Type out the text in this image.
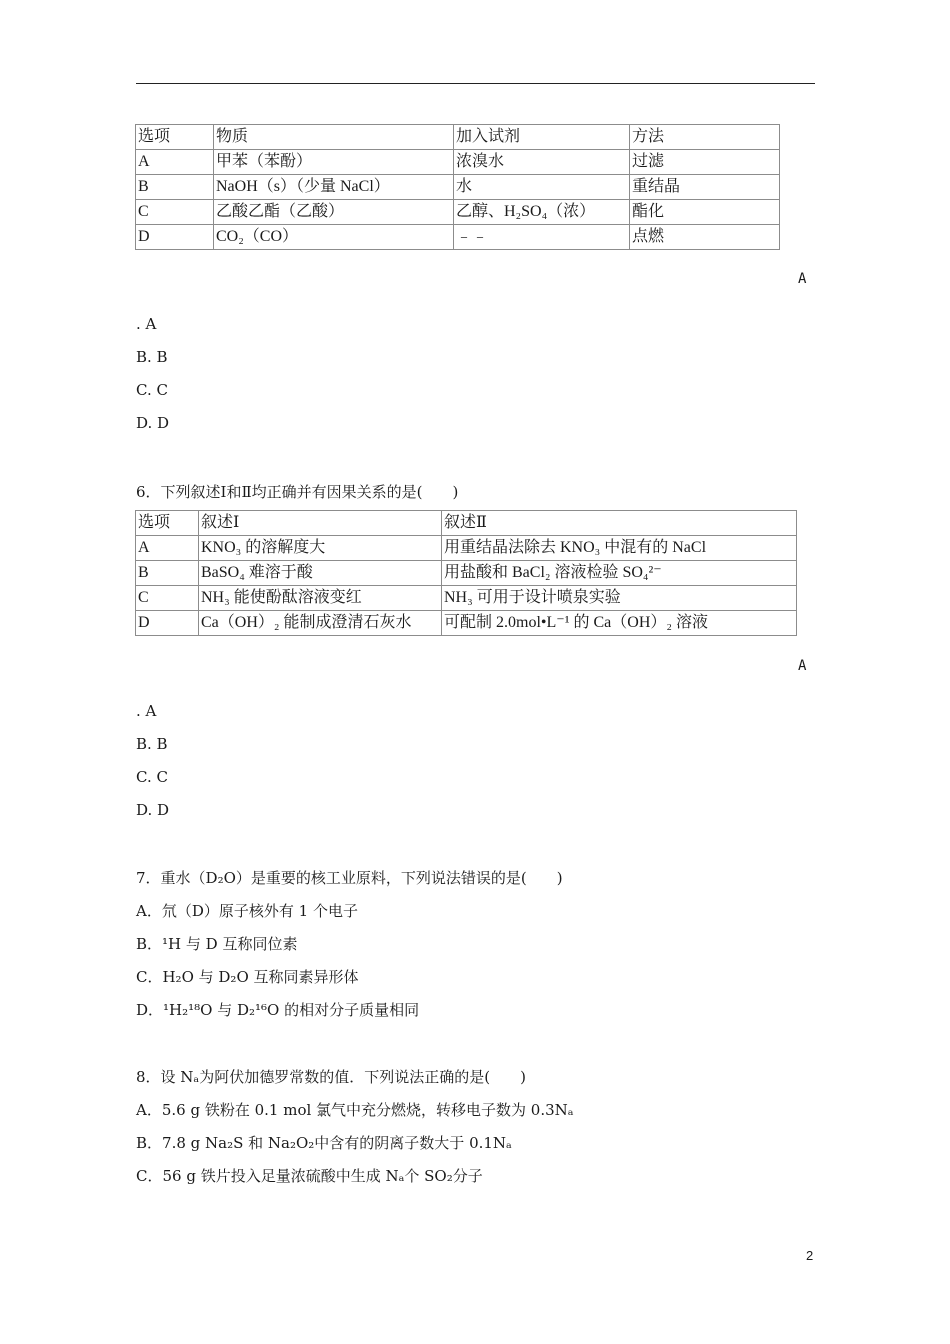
选项	物质	加入试剂	方法
A	甲苯（苯酚）	浓溴水	过滤
B	NaOH（s）（少量 NaCl）	水	重结晶
C	乙酸乙酯（乙酸）	乙醇、H₂SO₄（浓）	酯化
D	CO₂（CO）	﹣﹣	点燃
A
. A
B. B
C. C
D. D
6．下列叙述Ⅰ和Ⅱ均正确并有因果关系的是(　　)
选项	叙述Ⅰ	叙述Ⅱ
A	KNO₃ 的溶解度大	用重结晶法除去 KNO₃ 中混有的 NaCl
B	BaSO₄ 难溶于酸	用盐酸和 BaCl₂ 溶液检验 SO₄²⁻
C	NH₃ 能使酚酞溶液变红	NH₃ 可用于设计喷泉实验
D	Ca（OH）₂ 能制成澄清石灰水	可配制 2.0mol•L⁻¹ 的 Ca（OH）₂ 溶液
A
. A
B. B
C. C
D. D
7．重水（D₂O）是重要的核工业原料，下列说法错误的是(　　)
A．氘（D）原子核外有 1 个电子
B．¹H 与 D 互称同位素
C．H₂O 与 D₂O 互称同素异形体
D．¹H₂¹⁸O 与 D₂¹⁶O 的相对分子质量相同
8．设 Nₐ为阿伏加德罗常数的值．下列说法正确的是(　　)
A．5.6 g 铁粉在 0.1 mol 氯气中充分燃烧，转移电子数为 0.3Nₐ
B．7.8 g Na₂S 和 Na₂O₂中含有的阴离子数大于 0.1Nₐ
C．56 g 铁片投入足量浓硫酸中生成 Nₐ个 SO₂分子
2
